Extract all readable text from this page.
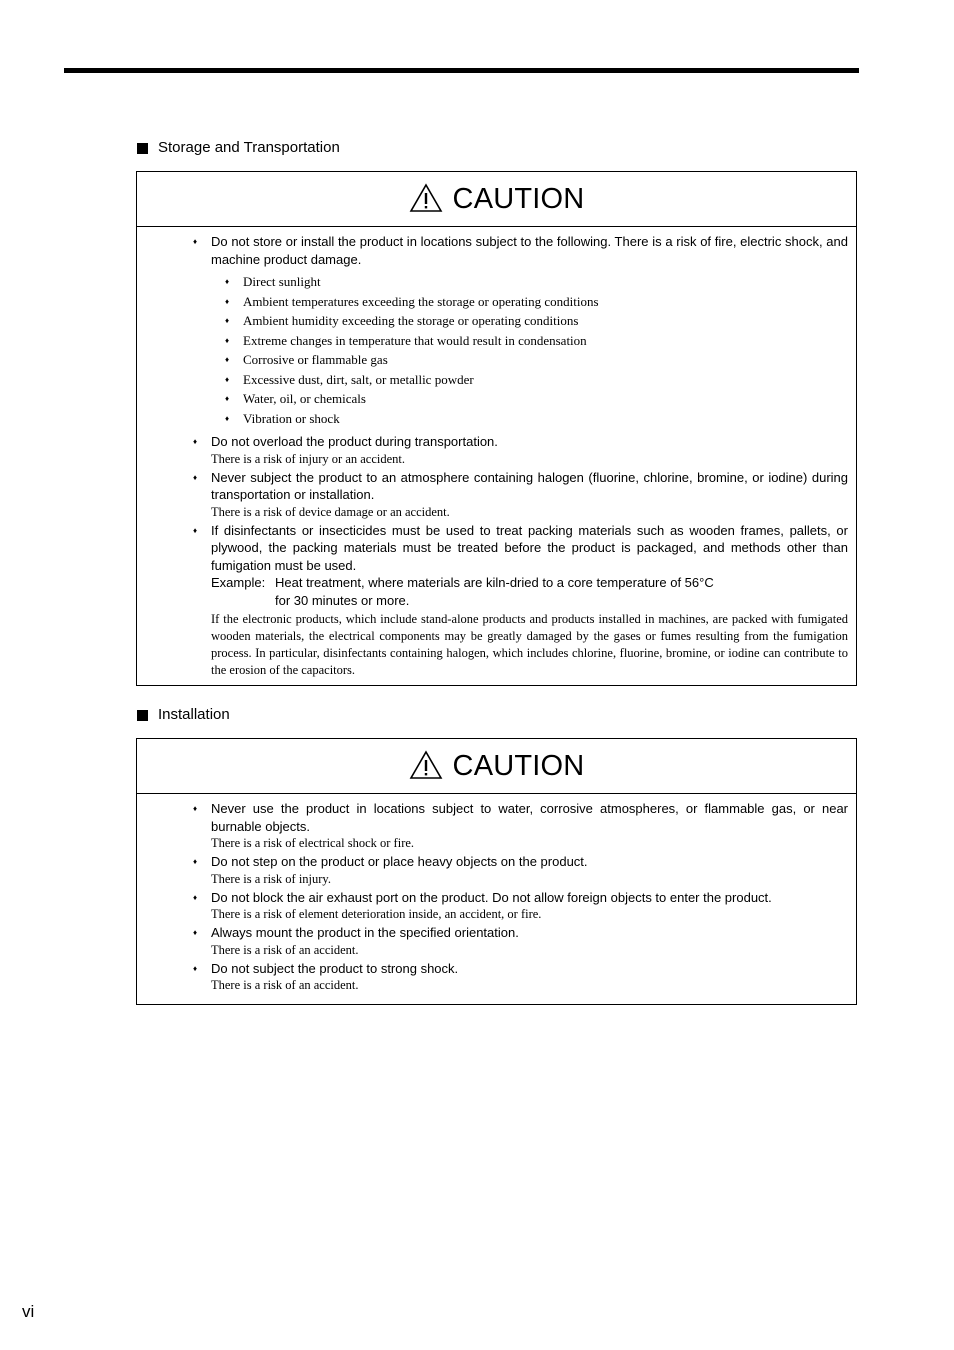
Storage and Transportation
CAUTION
♦ Do not store or install the product in locations subject to the following. There is a risk of fire, electric shock, and machine product damage.
♦ Direct sunlight
♦ Ambient temperatures exceeding the storage or operating conditions
♦ Ambient humidity exceeding the storage or operating conditions
♦ Extreme changes in temperature that would result in condensation
♦ Corrosive or flammable gas
♦ Excessive dust, dirt, salt, or metallic powder
♦ Water, oil, or chemicals
♦ Vibration or shock
♦ Do not overload the product during transportation.
There is a risk of injury or an accident.
♦ Never subject the product to an atmosphere containing halogen (fluorine, chlorine, bromine, or iodine) during transportation or installation.
There is a risk of device damage or an accident.
♦ If disinfectants or insecticides must be used to treat packing materials such as wooden frames, pallets, or plywood, the packing materials must be treated before the product is packaged, and methods other than fumigation must be used.
Example: Heat treatment, where materials are kiln-dried to a core temperature of 56°C
for 30 minutes or more.
If the electronic products, which include stand-alone products and products installed in machines, are packed with fumigated wooden materials, the electrical components may be greatly damaged by the gases or fumes resulting from the fumigation process. In particular, disinfectants containing halogen, which includes chlorine, fluorine, bromine, or iodine can contribute to the erosion of the capacitors.
Installation
CAUTION
♦ Never use the product in locations subject to water, corrosive atmospheres, or flammable gas, or near burnable objects.
There is a risk of electrical shock or fire.
♦ Do not step on the product or place heavy objects on the product.
There is a risk of injury.
♦ Do not block the air exhaust port on the product. Do not allow foreign objects to enter the product.
There is a risk of element deterioration inside, an accident, or fire.
♦ Always mount the product in the specified orientation.
There is a risk of an accident.
♦ Do not subject the product to strong shock.
There is a risk of an accident.
vi
